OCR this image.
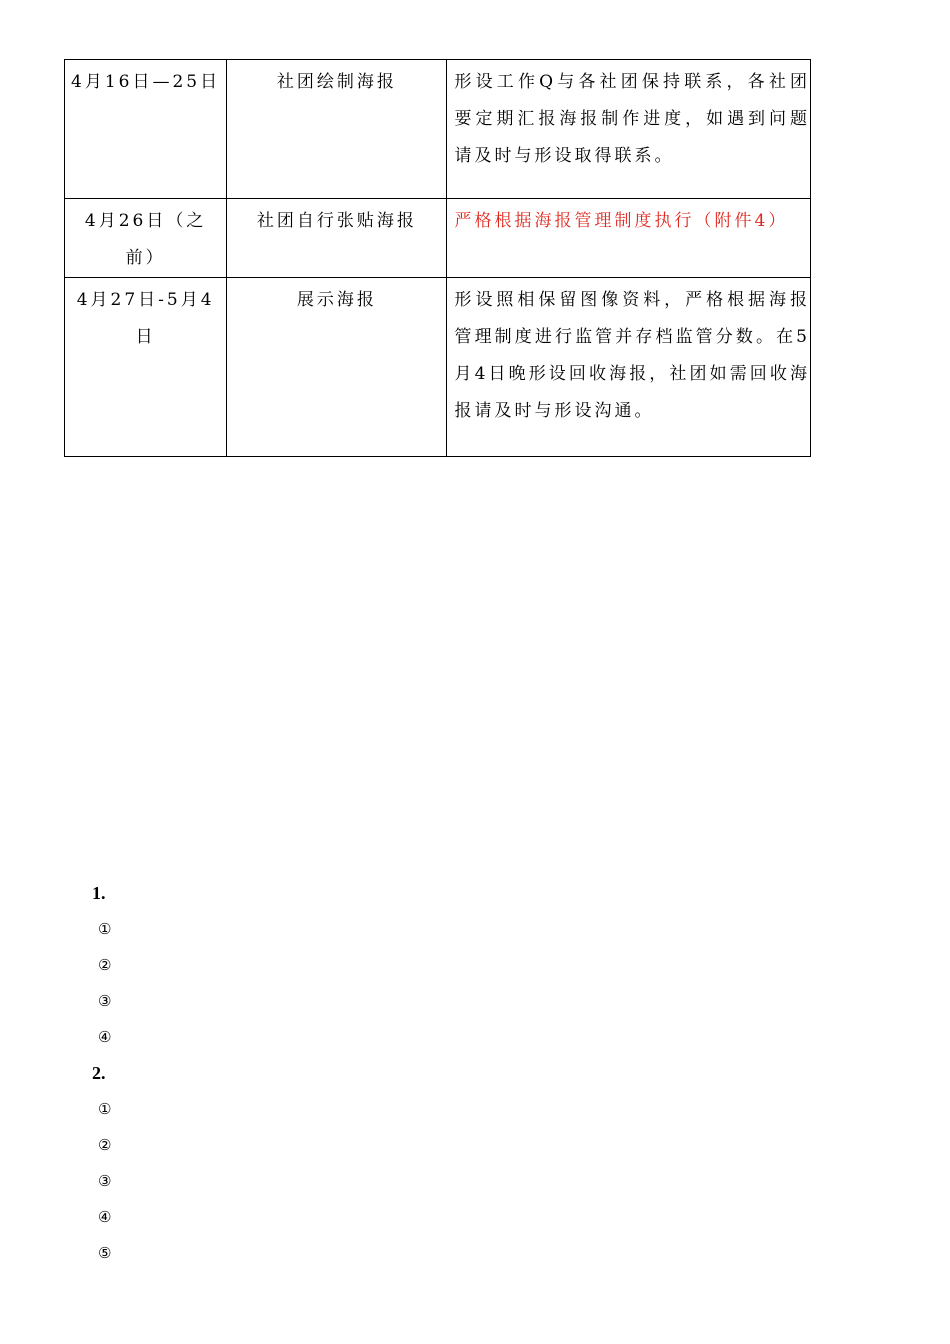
4月16日—25日	社团绘制海报	形设工作Q与各社团保持联系，各社团要定期汇报海报制作进度，如遇到问题请及时与形设取得联系。
4月26日（之前）	社团自行张贴海报	严格根据海报管理制度执行（附件4）
4月27日-5月4日	展示海报	形设照相保留图像资料，严格根据海报管理制度进行监管并存档监管分数。在5月4日晚形设回收海报，社团如需回收海报请及时与形设沟通。
1.
①
②
③
④
2.
①
②
③
④
⑤
